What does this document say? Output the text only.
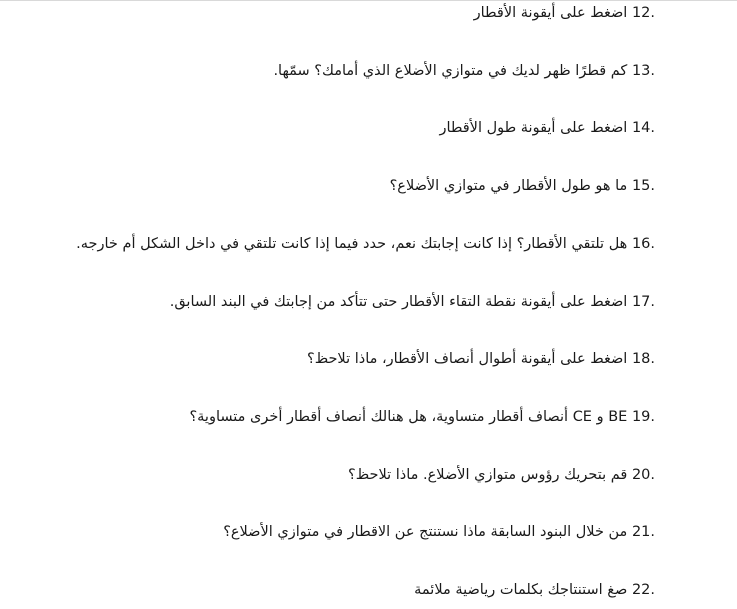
12. اضغط على أيقونة الأقطار
13. كم قطرًا ظهر لديك في متوازي الأضلاع الذي أمامك؟ سمّها.
14. اضغط على أيقونة طول الأقطار
15. ما هو طول الأقطار في متوازي الأضلاع؟
16. هل تلتقي الأقطار؟ إذا كانت إجابتك نعم، حدد فيما إذا كانت تلتقي في داخل الشكل أم خارجه.
17. اضغط على أيقونة نقطة التقاء الأقطار حتى تتأكد من إجابتك في البند السابق.
18. اضغط على أيقونة أطوال أنصاف الأقطار، ماذا تلاحظ؟
19. BE و CE أنصاف أقطار متساوية، هل هنالك أنصاف أقطار أخرى متساوية؟
20. قم بتحريك رؤوس متوازي الأضلاع. ماذا تلاحظ؟
21. من خلال البنود السابقة ماذا نستنتج عن الاقطار في متوازي الأضلاع؟
22. صغ استنتاجك بكلمات رياضية ملائمة
